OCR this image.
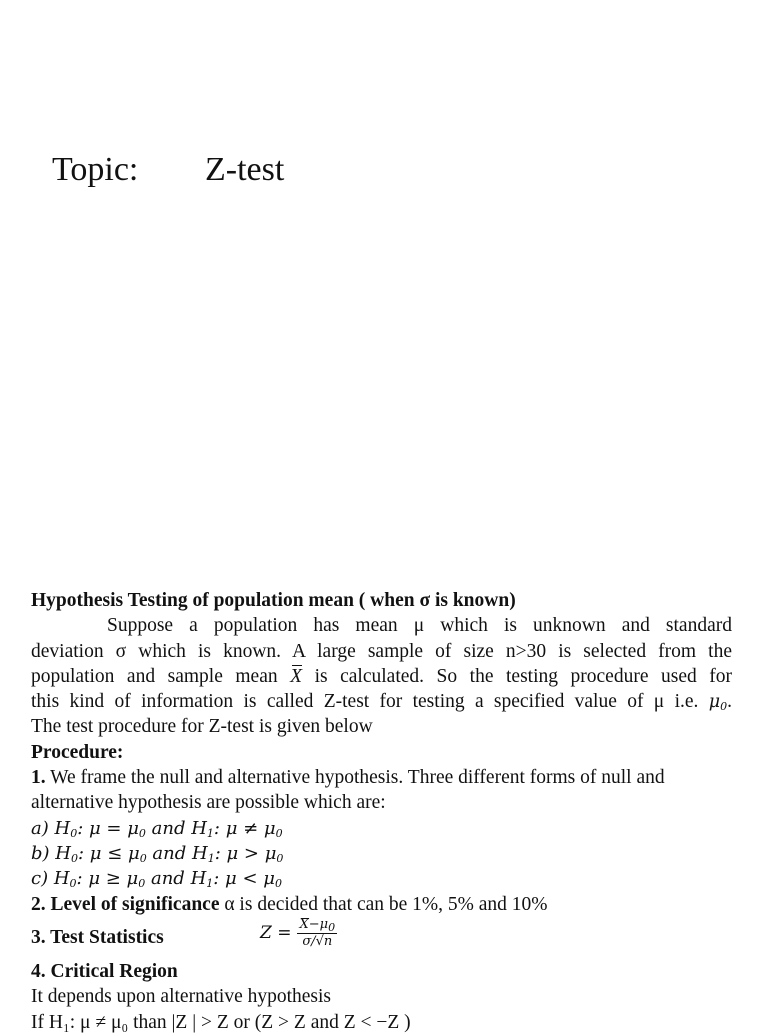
Topic: Z-test
Hypothesis Testing of population mean ( when σ is known)
Suppose a population has mean μ which is unknown and standard
deviation σ which is known. A large sample of size n>30 is selected from the
population and sample mean X is calculated. So the testing procedure used for
this kind of information is called Z-test for testing a specified value of μ i.e. $\mu_0$.
The test procedure for Z-test is given below
Procedure:
1. We frame the null and alternative hypothesis. Three different forms of null and
alternative hypothesis are possible which are:
a) $H_0$: $\mu = \mu_0$ and $H_1$: $\mu \ne \mu_0$
b) $H_0$: $\mu \le \mu_0$ and $H_1$: $\mu > \mu_0$
c) $H_0$: $\mu \ge \mu_0$ and $H_1$: $\mu < \mu_0$
2. Level of significance α is decided that can be 1%, 5% and 10%
3. Test Statistics	$Z = \frac{X-\mu_0}{\sigma/√n}$
4. Critical Region
It depends upon alternative hypothesis
If H₁: μ ≠ μ₀ than |Z | > Z or (Z > Z and Z < −Z )
